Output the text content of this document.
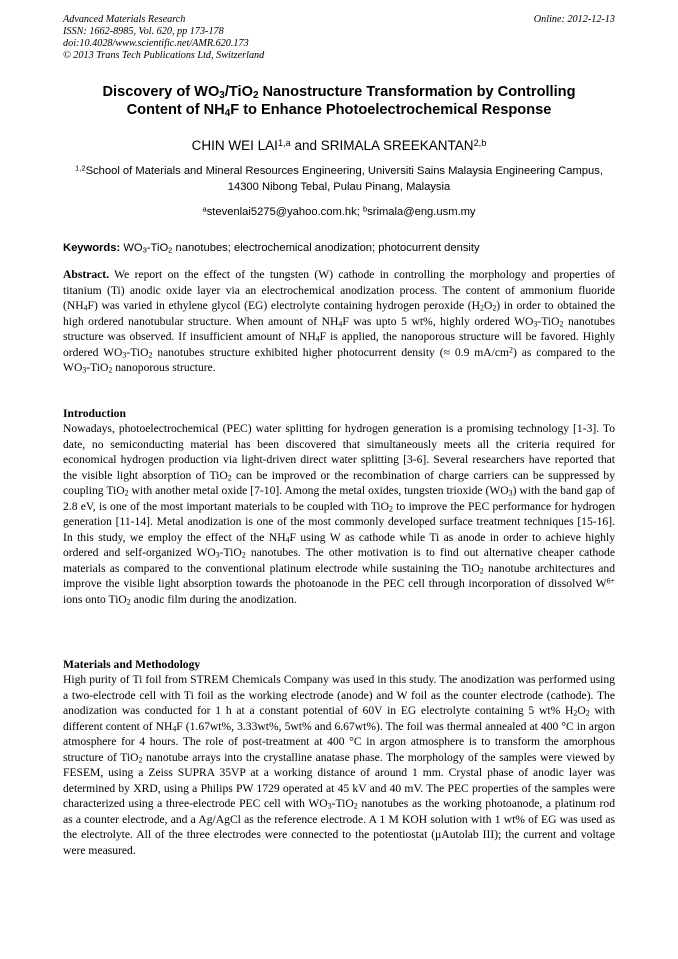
Advanced Materials Research
ISSN: 1662-8985, Vol. 620, pp 173-178
doi:10.4028/www.scientific.net/AMR.620.173
© 2013 Trans Tech Publications Ltd, Switzerland
Online: 2012-12-13
Discovery of $WO_3/TiO_2$ Nanostructure Transformation by Controlling
Content of $NH_4F$ to Enhance Photoelectrochemical Response
CHIN WEI LAI$^{1,a}$ and SRIMALA SREEKANTAN$^{2,b}$
$^{1,2}$School of Materials and Mineral Resources Engineering, Universiti Sains Malaysia Engineering Campus, 14300 Nibong Tebal, Pulau Pinang, Malaysia
$^a$stevenlai5275@yahoo.com.hk; $^b$srimala@eng.usm.my
Keywords: $WO_3-TiO_2$ nanotubes; electrochemical anodization; photocurrent density
Abstract. We report on the effect of the tungsten (W) cathode in controlling the morphology and properties of titanium (Ti) anodic oxide layer via an electrochemical anodization process. The content of ammonium fluoride $(NH_4F)$ was varied in ethylene glycol (EG) electrolyte containing hydrogen peroxide $(H_2O_2)$ in order to obtained the high ordered nanotubular structure. When amount of $NH_4F$ was upto 5 wt%, highly ordered $WO_3-TiO_2$ nanotubes structure was observed. If insufficient amount of $NH_4F$ is applied, the nanoporous structure will be favored. Highly ordered $WO_3-TiO_2$ nanotubes structure exhibited higher photocurrent density (≈ 0.9 $mA/cm^2$) as compared to the $WO_3-TiO_2$ nanoporous structure.
Introduction
Nowadays, photoelectrochemical (PEC) water splitting for hydrogen generation is a promising technology [1-3]. To date, no semiconducting material has been discovered that simultaneously meets all the criteria required for economical hydrogen production via light-driven direct water splitting [3-6]. Several researchers have reported that the visible light absorption of TiO$_2$ can be improved or the recombination of charge carriers can be suppressed by coupling TiO$_2$ with another metal oxide [7-10]. Among the metal oxides, tungsten trioxide $(WO_3)$ with the band gap of 2.8 eV, is one of the most important materials to be coupled with TiO$_2$ to improve the PEC performance for hydrogen generation [11-14]. Metal anodization is one of the most commonly developed surface treatment techniques [15-16]. In this study, we employ the effect of the $NH_4F$ using W as cathode while Ti as anode in order to achieve highly ordered and self-organized $WO_3-TiO_2$ nanotubes. The other motivation is to find out alternative cheaper cathode materials as compared to the conventional platinum electrode while sustaining the TiO$_2$ nanotube architectures and improve the visible light absorption towards the photoanode in the PEC cell through incorporation of dissolved $W^{6+}$ ions onto TiO$_2$ anodic film during the anodization.
Materials and Methodology
High purity of Ti foil from STREM Chemicals Company was used in this study. The anodization was performed using a two-electrode cell with Ti foil as the working electrode (anode) and W foil as the counter electrode (cathode). The anodization was conducted for 1 h at a constant potential of 60V in EG electrolyte containing 5 wt% $H_2O_2$ with different content of $NH_4F$ (1.67wt%, 3.33wt%, 5wt% and 6.67wt%). The foil was thermal annealed at 400 °C in argon atmosphere for 4 hours. The role of post-treatment at 400 °C in argon atmosphere is to transform the amorphous structure of TiO$_2$ nanotube arrays into the crystalline anatase phase. The morphology of the samples were viewed by FESEM, using a Zeiss SUPRA 35VP at a working distance of around 1 mm. Crystal phase of anodic layer was determined by XRD, using a Philips PW 1729 operated at 45 kV and 40 mV. The PEC properties of the samples were characterized using a three-electrode PEC cell with $WO_3-TiO_2$ nanotubes as the working photoanode, a platinum rod as a counter electrode, and a Ag/AgCl as the reference electrode. A 1 M KOH solution with 1 wt% of EG was used as the electrolyte. All of the three electrodes were connected to the potentiostat (μAutolab III); the current and voltage were measured.
